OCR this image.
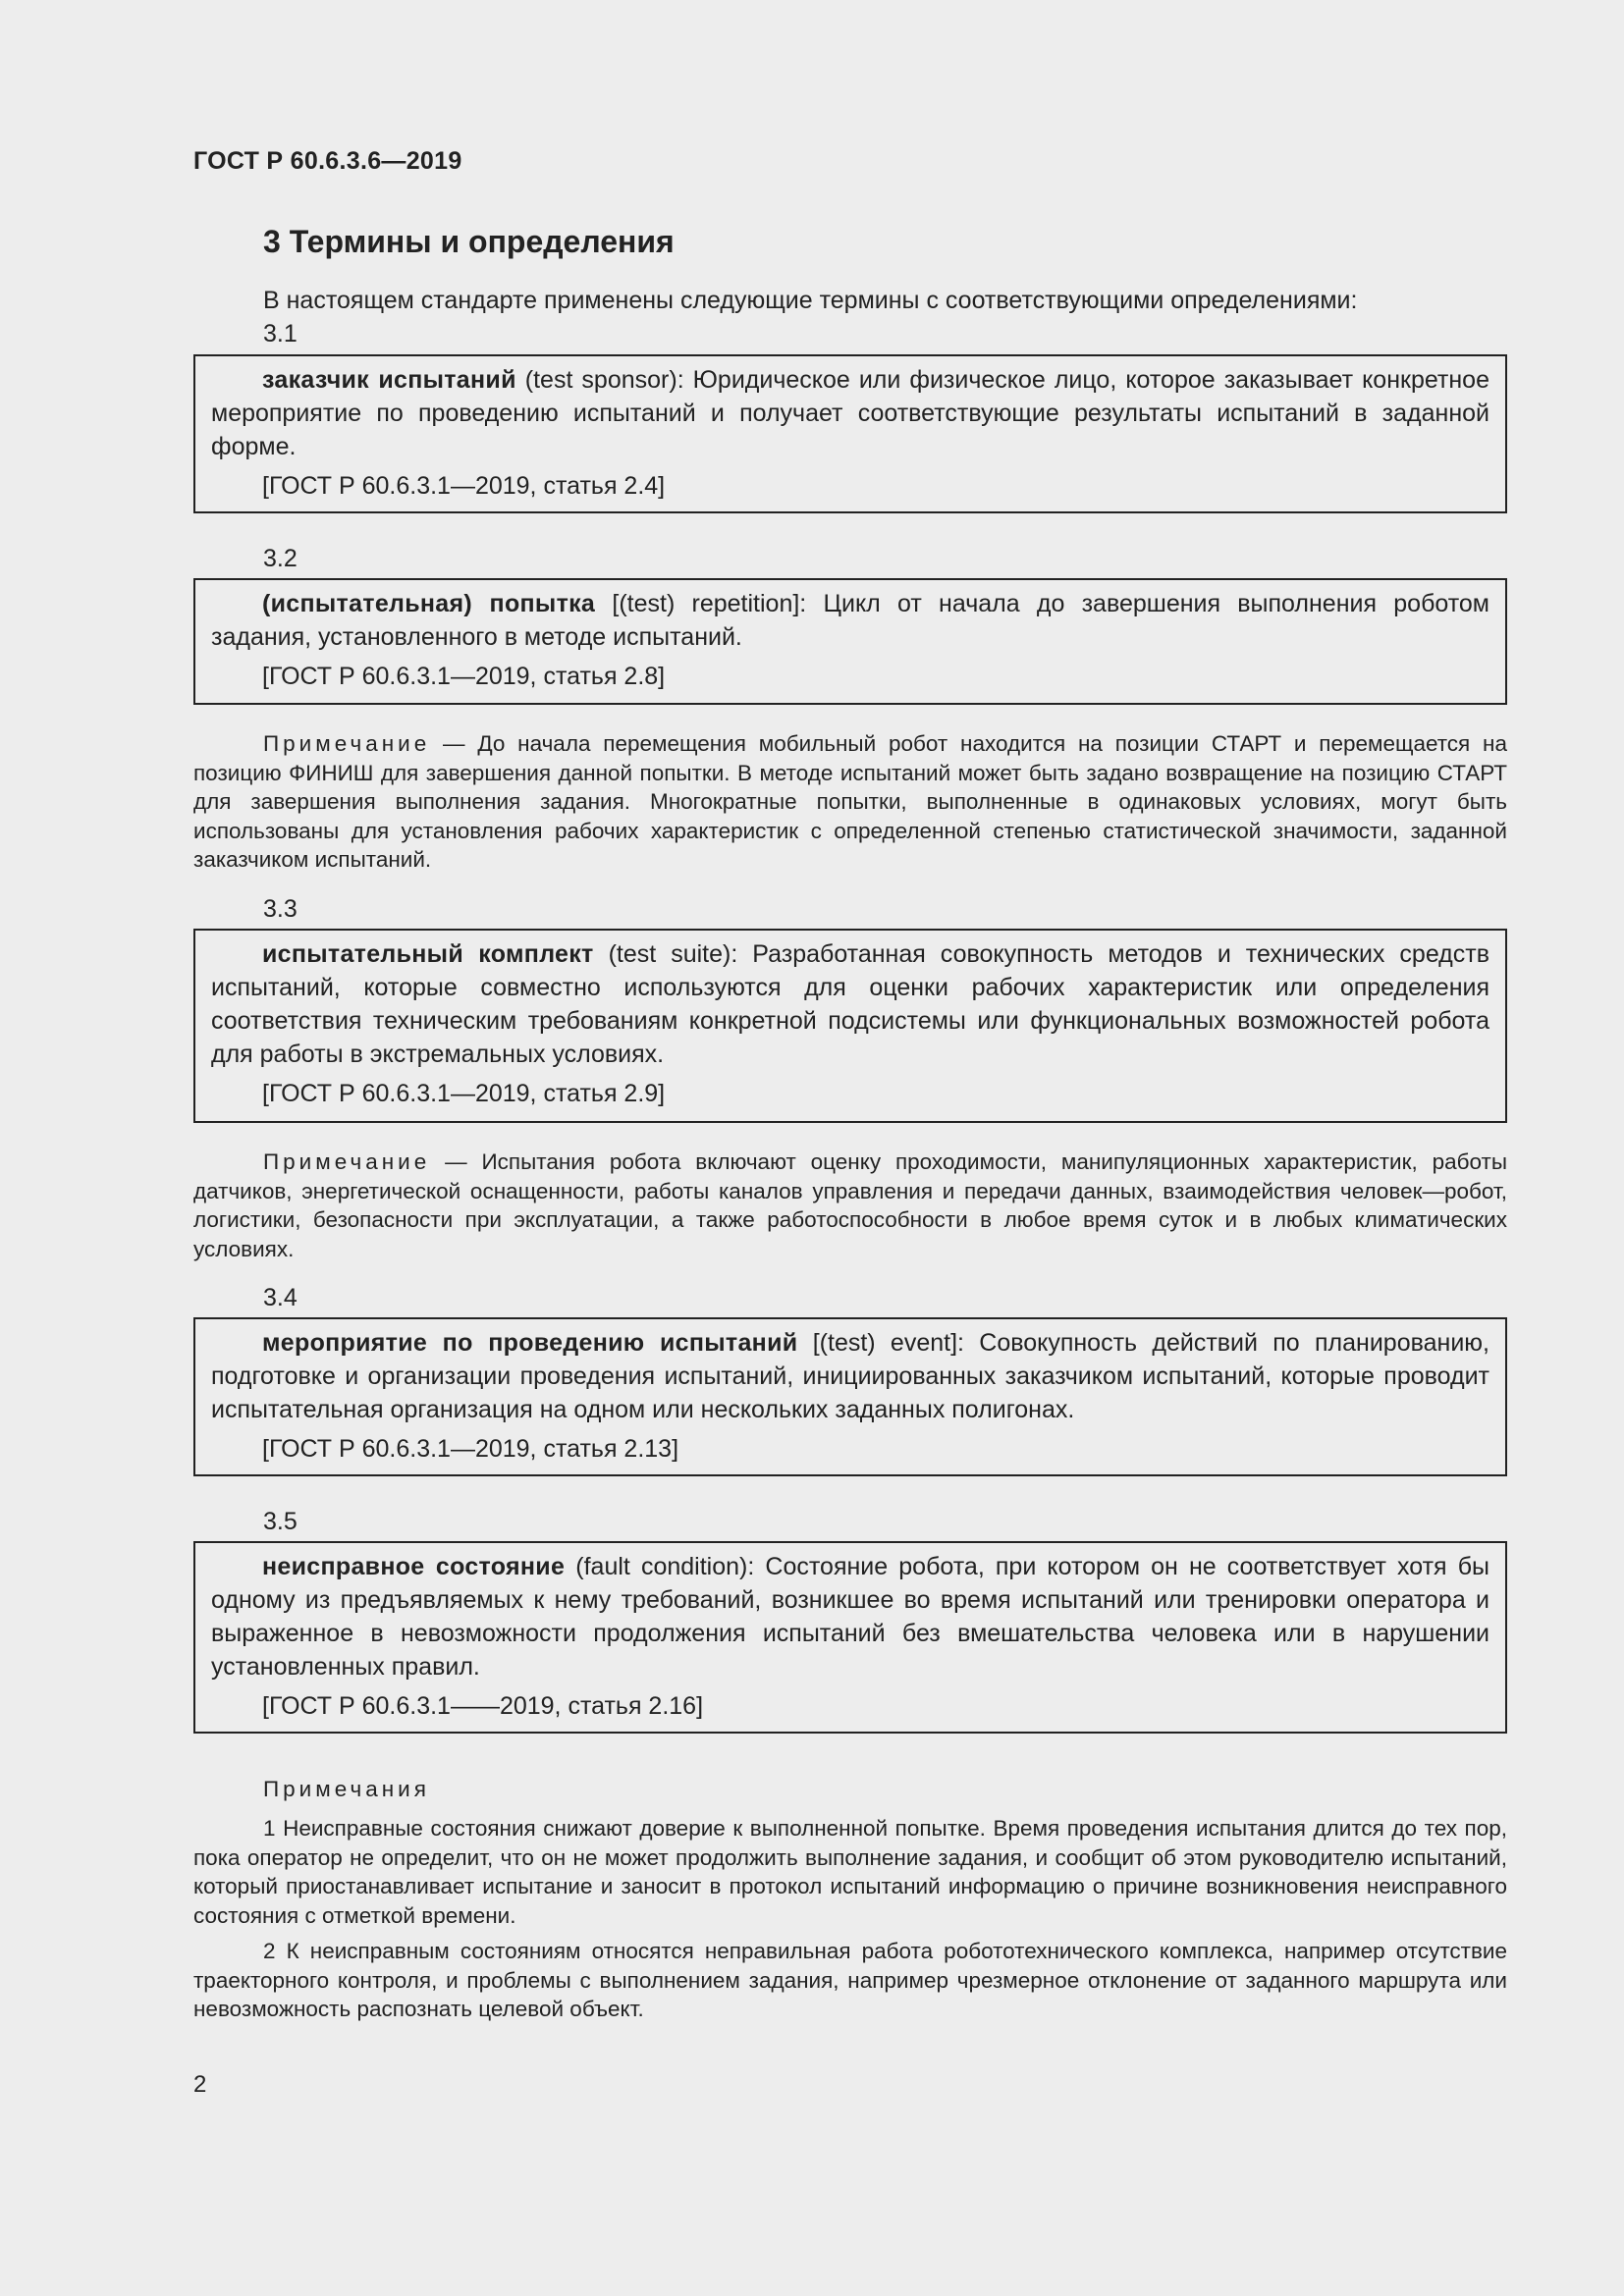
ГОСТ Р 60.6.3.6—2019
3 Термины и определения
В настоящем стандарте применены следующие термины с соответствующими определениями:
3.1

заказчик испытаний (test sponsor): Юридическое или физическое лицо, которое заказывает конкретное мероприятие по проведению испытаний и получает соответствующие результаты испытаний в заданной форме.

[ГОСТ Р 60.6.3.1—2019, статья 2.4]
3.2

(испытательная) попытка [(test) repetition]: Цикл от начала до завершения выполнения роботом задания, установленного в методе испытаний.

[ГОСТ Р 60.6.3.1—2019, статья 2.8]

Примечание — До начала перемещения мобильный робот находится на позиции СТАРТ и перемещается на позицию ФИНИШ для завершения данной попытки. В методе испытаний может быть задано возвращение на позицию СТАРТ для завершения выполнения задания. Многократные попытки, выполненные в одинаковых условиях, могут быть использованы для установления рабочих характеристик с определенной степенью статистической значимости, заданной заказчиком испытаний.

3.3

испытательный комплект (test suite): Разработанная совокупность методов и технических средств испытаний, которые совместно используются для оценки рабочих характеристик или определения соответствия техническим требованиям конкретной подсистемы или функциональных возможностей робота для работы в экстремальных условиях.

[ГОСТ Р 60.6.3.1—2019, статья 2.9]

Примечание — Испытания робота включают оценку проходимости, манипуляционных характеристик, работы датчиков, энергетической оснащенности, работы каналов управления и передачи данных, взаимодействия человек—робот, логистики, безопасности при эксплуатации, а также работоспособности в любое время суток и в любых климатических условиях.

3.4

мероприятие по проведению испытаний [(test) event]: Совокупность действий по планированию, подготовке и организации проведения испытаний, инициированных заказчиком испытаний, которые проводит испытательная организация на одном или нескольких заданных полигонах.

[ГОСТ Р 60.6.3.1—2019, статья 2.13]
3.5

неисправное состояние (fault condition): Состояние робота, при котором он не соответствует хотя бы одному из предъявляемых к нему требований, возникшее во время испытаний или тренировки оператора и выраженное в невозможности продолжения испытаний без вмешательства человека или в нарушении установленных правил.

[ГОСТ Р 60.6.3.1——2019, статья 2.16]
Примечания

1 Неисправные состояния снижают доверие к выполненной попытке. Время проведения испытания длится до тех пор, пока оператор не определит, что он не может продолжить выполнение задания, и сообщит об этом руководителю испытаний, который приостанавливает испытание и заносит в протокол испытаний информацию о причине возникновения неисправного состояния с отметкой времени.

2 К неисправным состояниям относятся неправильная работа робототехнического комплекса, например отсутствие траекторного контроля, и проблемы с выполнением задания, например чрезмерное отклонение от заданного маршрута или невозможность распознать целевой объект.

2
